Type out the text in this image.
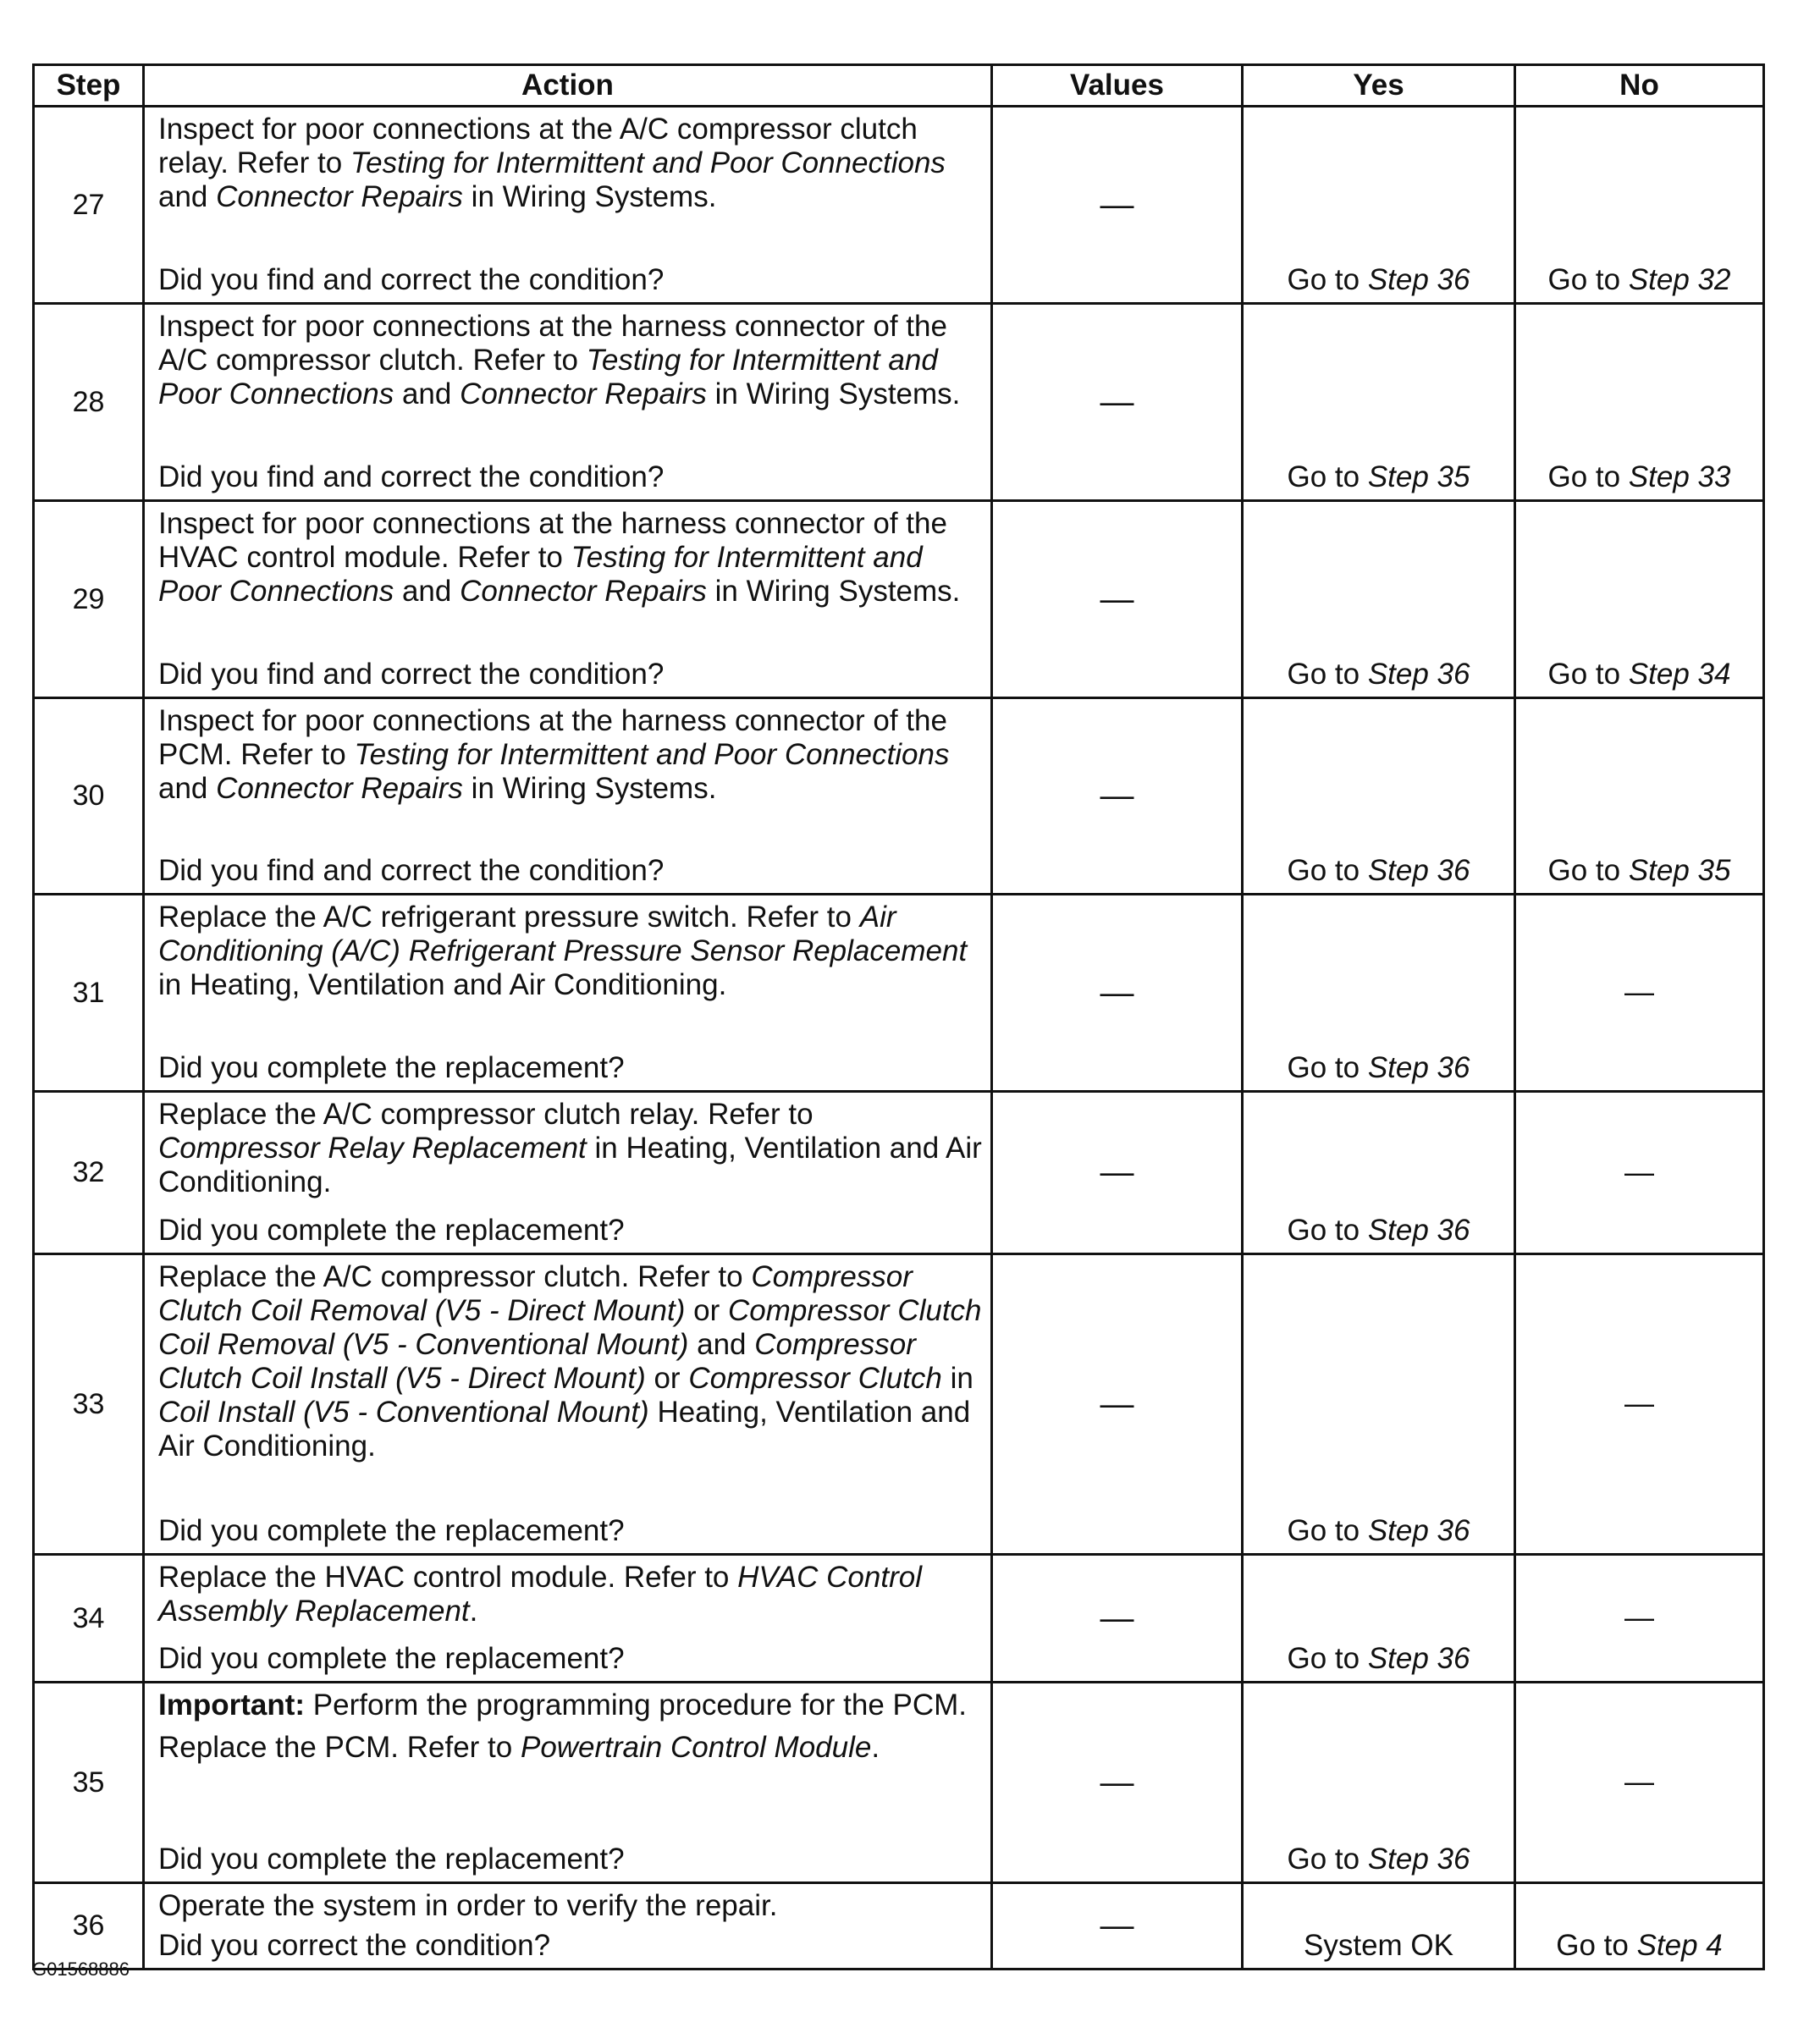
Step	Action	Values	Yes	No
27	Inspect for poor connections at the A/C compressor clutch relay. Refer to Testing for Intermittent and Poor Connections and Connector Repairs in Wiring Systems.

Did you find and correct the condition?	—	Go to Step 36	Go to Step 32

28	Inspect for poor connections at the harness connector of the A/C compressor clutch. Refer to Testing for Intermittent and Poor Connections and Connector Repairs in Wiring Systems.

Did you find and correct the condition?	—	Go to Step 35	Go to Step 33

29	Inspect for poor connections at the harness connector of the HVAC control module. Refer to Testing for Intermittent and Poor Connections and Connector Repairs in Wiring Systems.

Did you find and correct the condition?	—	Go to Step 36	Go to Step 34

30	Inspect for poor connections at the harness connector of the PCM. Refer to Testing for Intermittent and Poor Connections and Connector Repairs in Wiring Systems.

Did you find and correct the condition?	—	Go to Step 36	Go to Step 35

31	Replace the A/C refrigerant pressure switch. Refer to Air Conditioning (A/C) Refrigerant Pressure Sensor Replacement in Heating, Ventilation and Air Conditioning.

Did you complete the replacement?	—	Go to Step 36	—

32	Replace the A/C compressor clutch relay. Refer to Compressor Relay Replacement in Heating, Ventilation and Air Conditioning.

Did you complete the replacement?	—	Go to Step 36	—

33	Replace the A/C compressor clutch. Refer to Compressor Clutch Coil Removal (V5 - Direct Mount) or Compressor Clutch Coil Removal (V5 - Conventional Mount) and Compressor Clutch Coil Install (V5 - Direct Mount) or Compressor Clutch in Coil Install (V5 - Conventional Mount) Heating, Ventilation and Air Conditioning.

Did you complete the replacement?	—	Go to Step 36	—

34	Replace the HVAC control module. Refer to HVAC Control Assembly Replacement.

Did you complete the replacement?	—	Go to Step 36	—

35	Important: Perform the programming procedure for the PCM.

Replace the PCM. Refer to Powertrain Control Module.

Did you complete the replacement?	—	Go to Step 36	—

36	Operate the system in order to verify the repair.

Did you correct the condition?	—	System OK	Go to Step 4
G01568886
